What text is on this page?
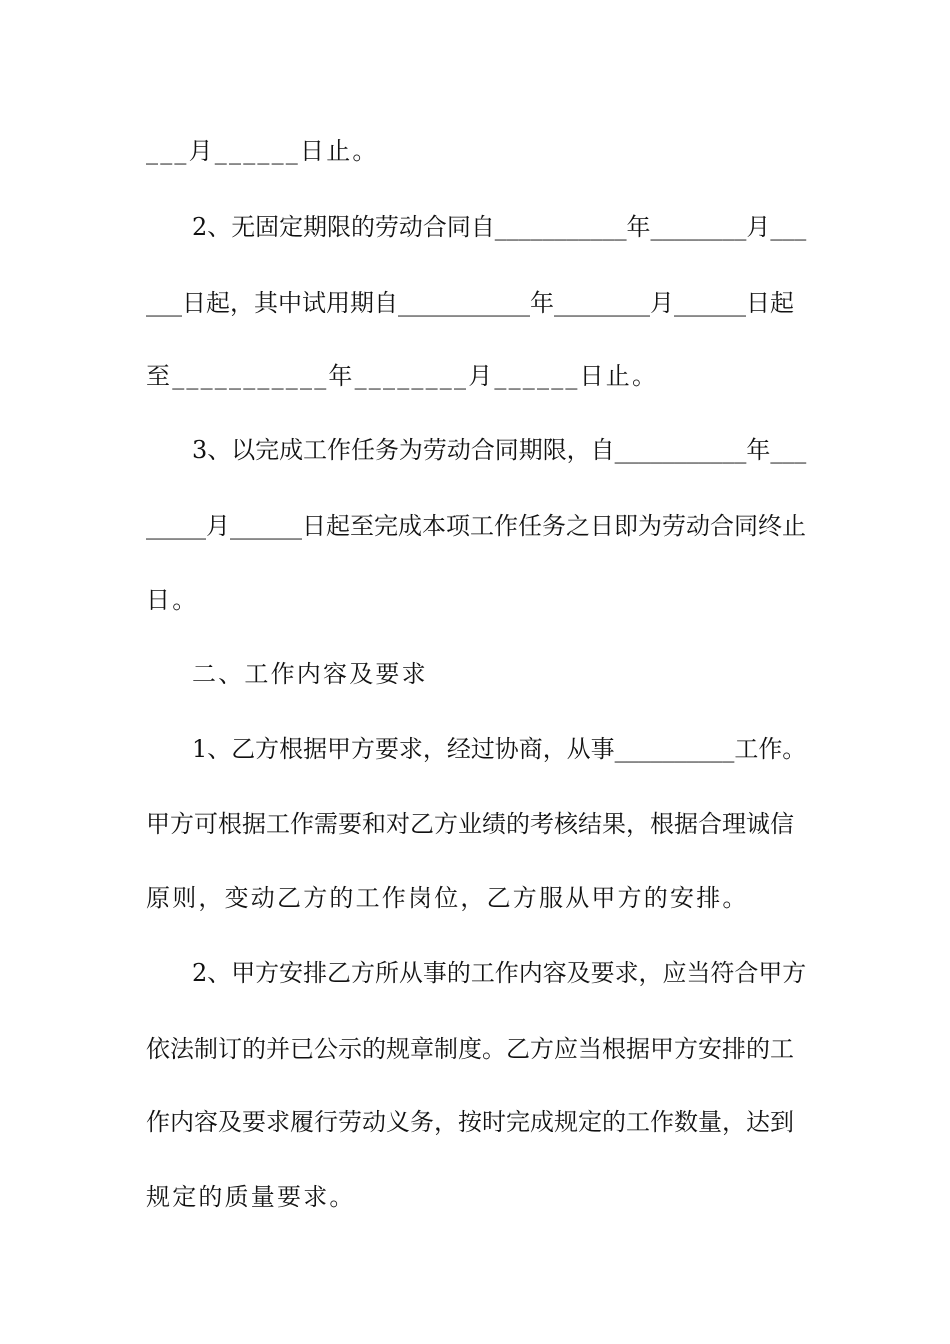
___月______日止。
2、无固定期限的劳动合同自___________年________月___
___日起，其中试用期自___________年________月______日起
至___________年________月______日止。
3、以完成工作任务为劳动合同期限，自___________年___
_____月______日起至完成本项工作任务之日即为劳动合同终止
日。
二、工作内容及要求
1、乙方根据甲方要求，经过协商，从事__________工作。
甲方可根据工作需要和对乙方业绩的考核结果，根据合理诚信
原则，变动乙方的工作岗位，乙方服从甲方的安排。
2、甲方安排乙方所从事的工作内容及要求，应当符合甲方
依法制订的并已公示的规章制度。乙方应当根据甲方安排的工
作内容及要求履行劳动义务，按时完成规定的工作数量，达到
规定的质量要求。
